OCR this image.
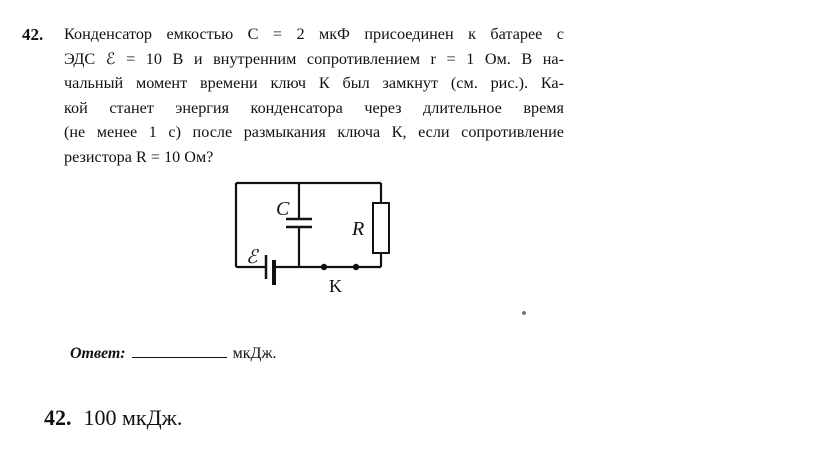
42. Конденсатор емкостью C = 2 мкФ присоединен к батарее с
ЭДС ℰ = 10 В и внутренним сопротивлением r = 1 Ом. В на-
чальный момент времени ключ К был замкнут (см. рис.). Ка-
кой станет энергия конденсатора через длительное время
(не менее 1 с) после размыкания ключа К, если сопротивление
резистора R = 10 Ом?
C
R
ℰ
K
Ответ:	мкДж.
42. 100 мкДж.
